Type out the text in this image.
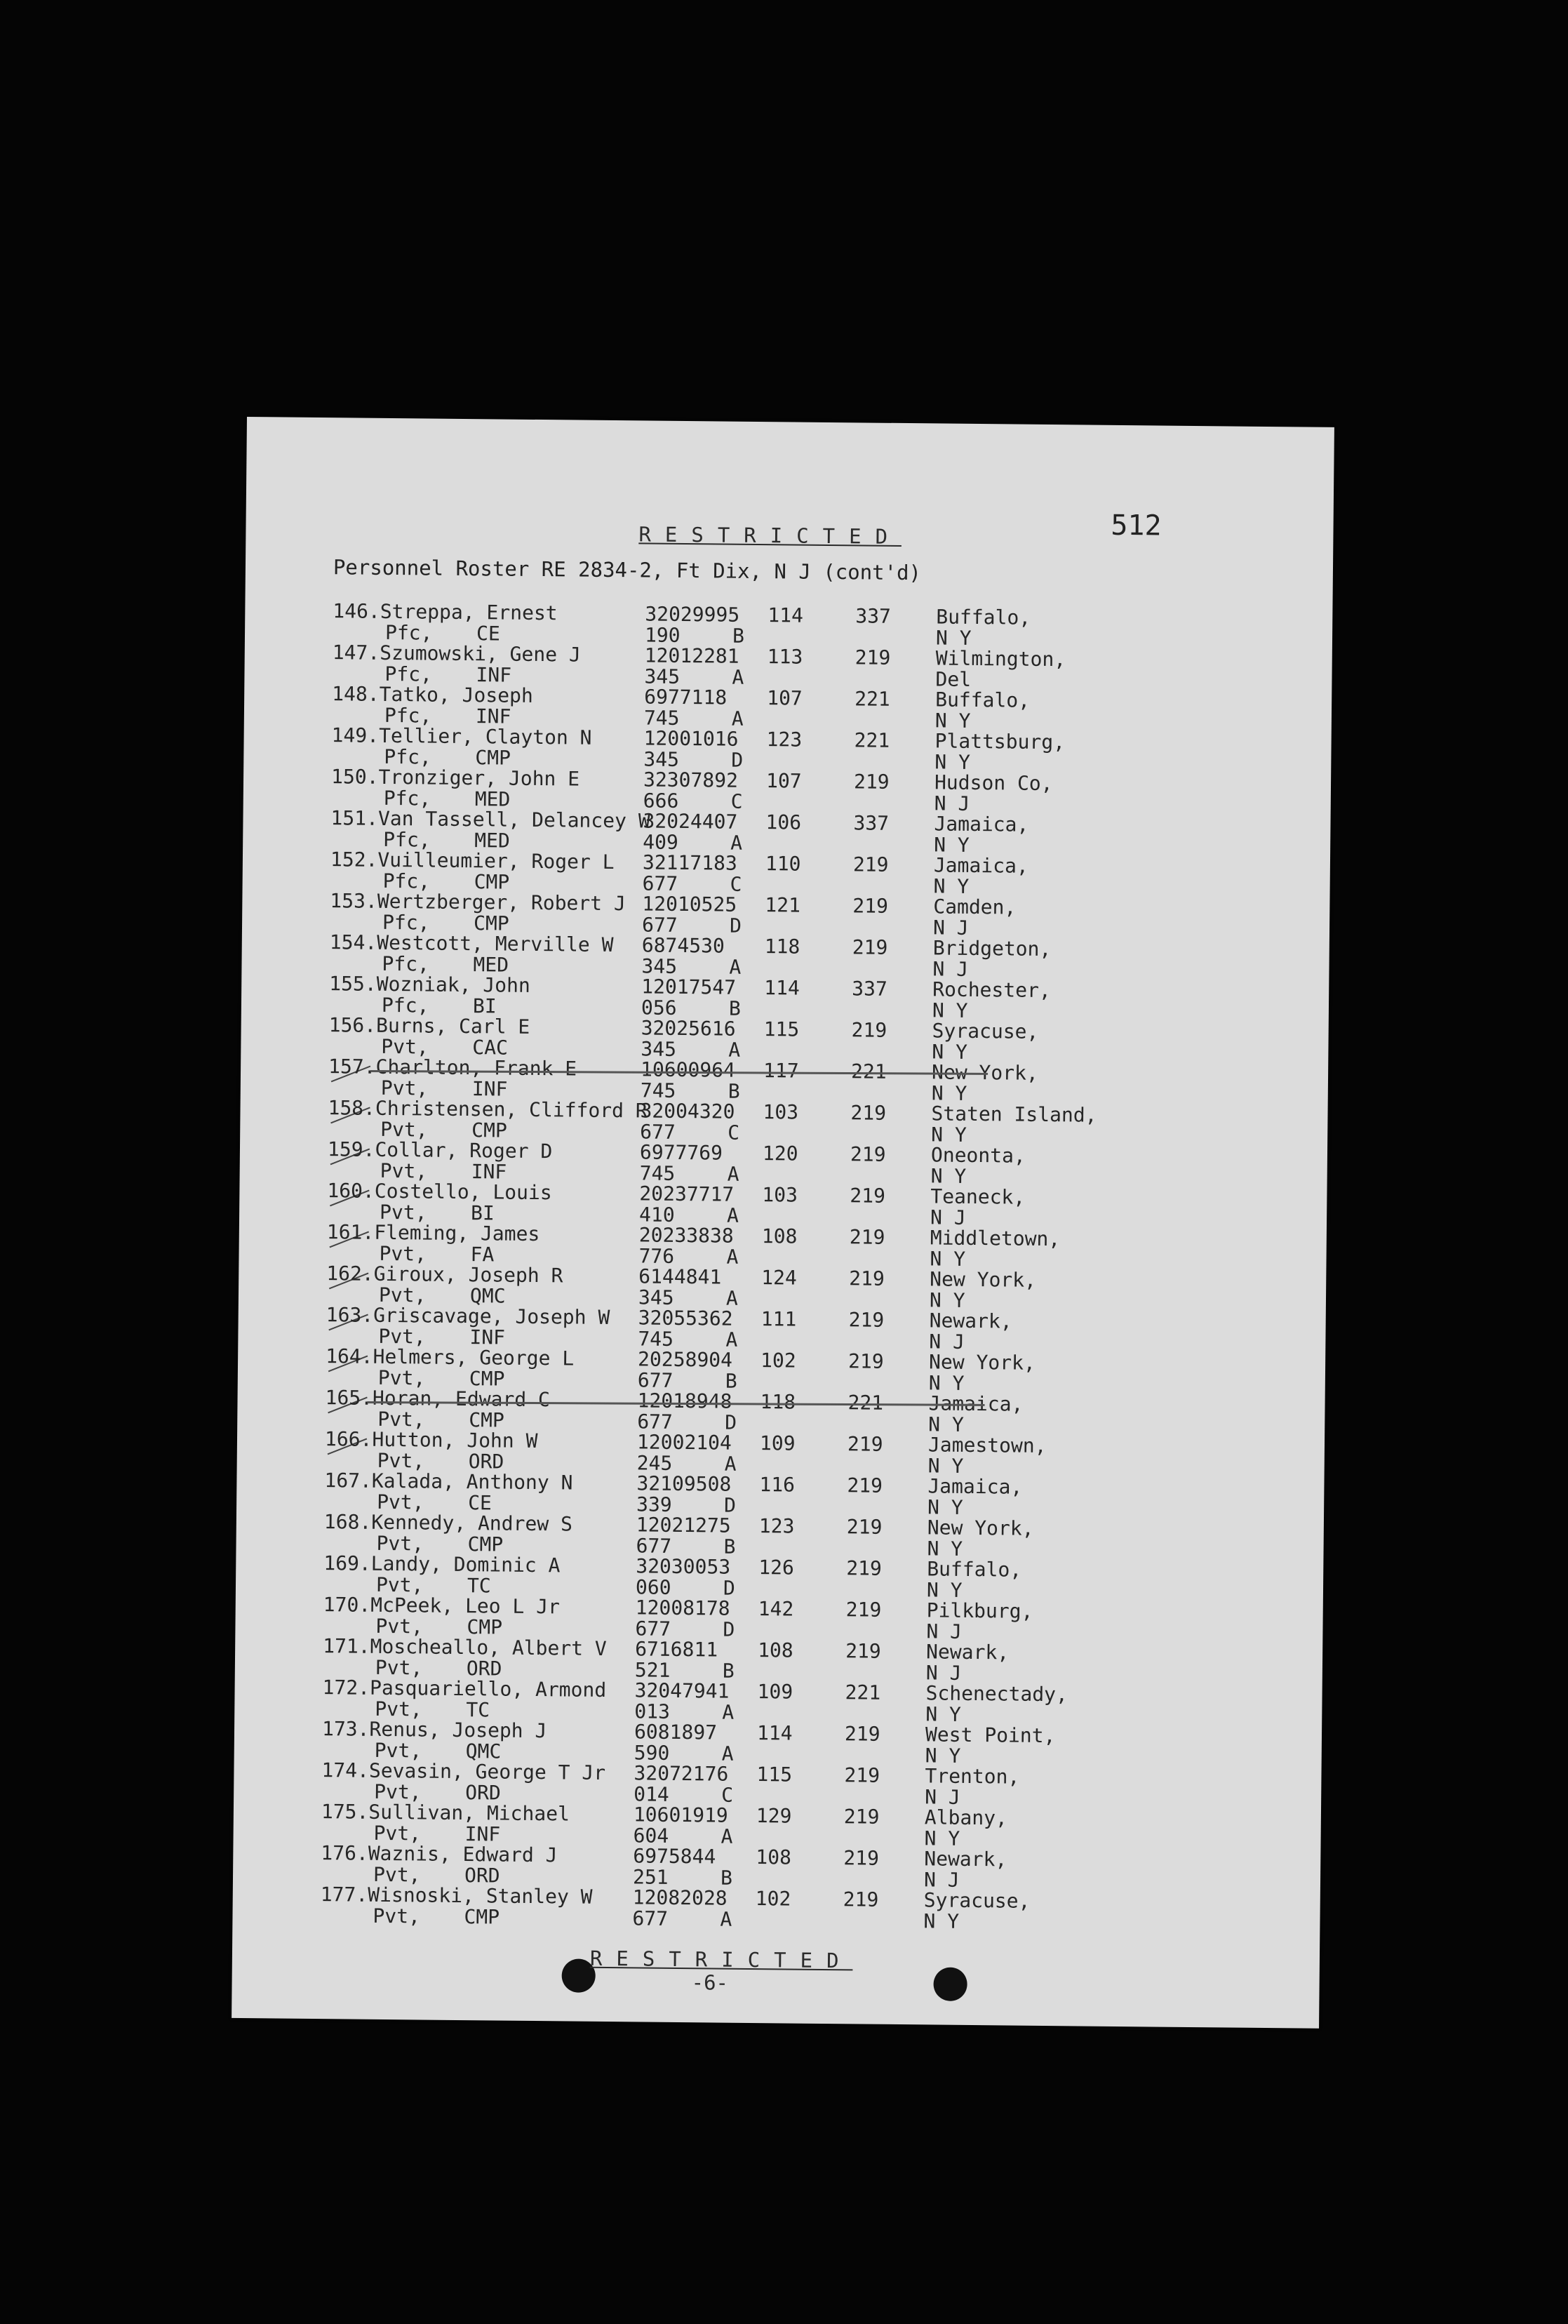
RESTRICTED	512
Personnel Roster RE 2834-2, Ft Dix, N J (cont'd)
146.Streppa, Ernest	32029995 114	337 Buffalo,
Pfc, CE	190	B	N Y
147.Szumowski, Gene J	12012281 113	219 Wilmington,
Pfc, INF	345	A	Del
148.Tatko, Joseph	6977118 107	221 Buffalo,
Pfc, INF	745	A	N Y
149.Tellier, Clayton N	12001016 123	221 Plattsburg,
Pfc, CMP	345	D	N Y
150.Tronziger, John E	32307892 107	219 Hudson Co,
Pfc, MED	666	C	N J
151.Van Tassell, Delancey W
32024407 106	337 Jamaica,
Pfc, MED	409	A	N Y
152.Vuilleumier, Roger L 32117183 110	219 Jamaica,
Pfc, CMP	677	C	N Y
153.Wertzberger, Robert J 12010525 121	219 Camden,
Pfc, CMP	677	D	N J
154.Westcott, Merville W 6874530 118	219 Bridgeton,
Pfc, MED	345	A	N J
155.Wozniak, John	12017547 114	337 Rochester,
Pfc, BI	056	B	N Y
156.Burns, Carl E	32025616 115	219 Syracuse,
Pvt, CAC	345	A	N Y
157.Charlton, Frank E	10600964 117	221 New York,
Pvt, INF	745	B	N Y
158.Christensen, Clifford R
32004320 103	219 Staten Island,
Pvt, CMP	677	C	N Y
159.Collar, Roger D	6977769 120	219 Oneonta,
Pvt, INF	745	A	N Y
160.Costello, Louis	20237717 103	219 Teaneck,
Pvt, BI	410	A	N J
161.Fleming, James	20233838 108	219 Middletown,
Pvt, FA	776	A	N Y
162.Giroux, Joseph R	6144841 124	219 New York,
Pvt, QMC	345	A	N Y
163.Griscavage, Joseph W 32055362 111	219 Newark,
Pvt, INF	745	A	N J
164.Helmers, George L	20258904 102	219 New York,
Pvt, CMP	677	B	N Y
165.Horan, Edward C	12018948 118	221 Jamaica,
Pvt, CMP	677	D	N Y
166.Hutton, John W	12002104 109	219 Jamestown,
Pvt, ORD	245	A	N Y
167.Kalada, Anthony N	32109508 116	219 Jamaica,
Pvt, CE	339	D	N Y
168.Kennedy, Andrew S	12021275 123	219 New York,
Pvt, CMP	677	B	N Y
169.Landy, Dominic A	32030053 126	219 Buffalo,
Pvt, TC	060	D	N Y
170.McPeek, Leo L Jr	12008178 142	219 Pilkburg,
Pvt, CMP	677	D	N J
171.Moscheallo, Albert V 6716811 108	219 Newark,
Pvt, ORD	521	B	N J
172.Pasquariello, Armond 32047941 109	221 Schenectady,
Pvt, TC	013	A	N Y
173.Renus, Joseph J	6081897 114	219 West Point,
Pvt, QMC	590	A	N Y
174.Sevasin, George T Jr 32072176 115	219 Trenton,
Pvt, ORD	014	C	N J
175.Sullivan, Michael	10601919 129	219 Albany,
Pvt, INF	604	A	N Y
176.Waznis, Edward J	6975844 108	219 Newark,
Pvt, ORD	251	B	N J
177.Wisnoski, Stanley W 12082028 102	219 Syracuse,
Pvt, CMP	677	A	N Y
RESTRICTED
-6-
